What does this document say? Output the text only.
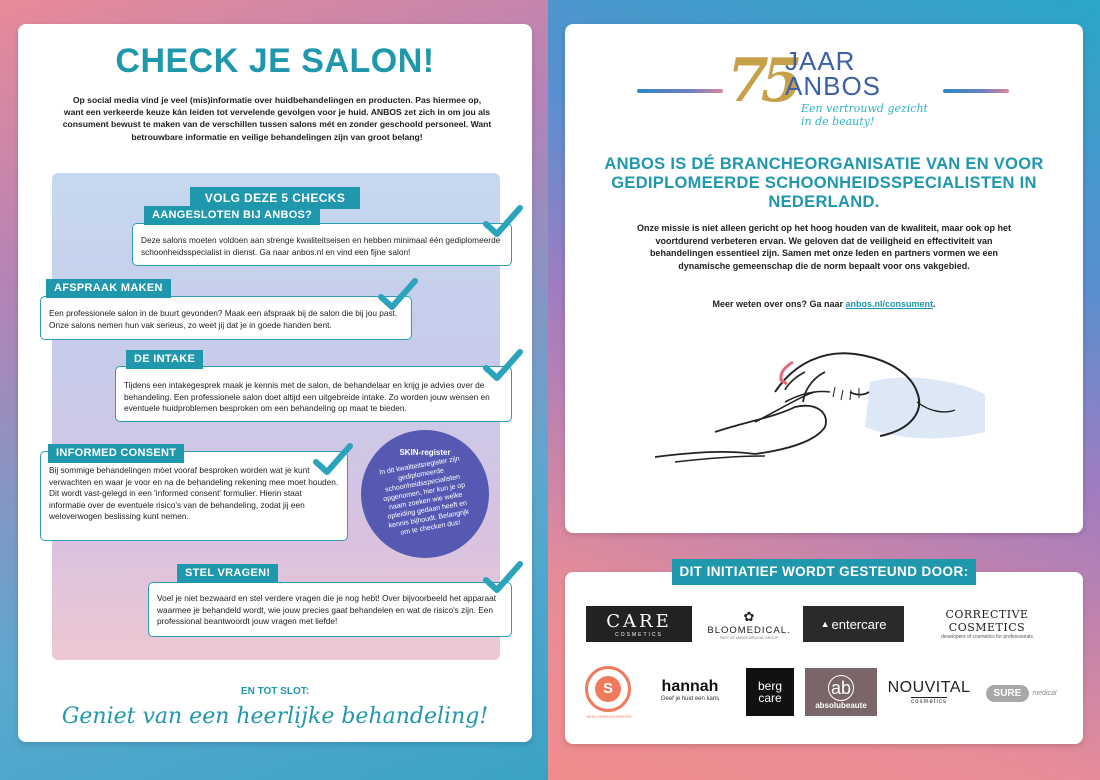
CHECK JE SALON!
Op social media vind je veel (mis)informatie over huidbehandelingen en producten. Pas hiermee op, want een verkeerde keuze kán leiden tot vervelende gevolgen voor je huid. ANBOS zet zich in om jou als consument bewust te maken van de verschillen tussen salons mét en zonder geschoold personeel. Want betrouwbare informatie en veilige behandelingen zijn van groot belang!
VOLG DEZE 5 CHECKS
Deze salons moeten voldoen aan strenge kwaliteitseisen en hebben minimaal één gediplomeerde schoonheidsspecialist in dienst. Ga naar anbos.nl en vind een fijne salon!
AANGESLOTEN BIJ ANBOS?
Een professionele salon in de buurt gevonden? Maak een afspraak bij de salon die bij jou past. Onze salons nemen hun vak serieus, zo weet jij dat je in goede handen bent.
AFSPRAAK MAKEN
Tijdens een intakegesprek maak je kennis met de salon, de behandelaar en krijg je advies over de behandeling. Een professionele salon doet altijd een uitgebreide intake. Zo worden jouw wensen en eventuele huidproblemen besproken om een behandeling op maat te bieden.
DE INTAKE
Bij sommige behandelingen mòet vooraf besproken worden wat je kunt verwachten en waar je voor en na de behandeling rekening mee moet houden. Dit wordt vast-gelegd in een 'informed consent' formulier. Hierin staat informatie over de eventuele risico's van de behandeling, zodat jij een weloverwogen beslissing kunt nemen.
INFORMED CONSENT
Voel je niet bezwaard en stel verdere vragen die je nog hebt! Over bijvoorbeeld het apparaat waarmee je behandeld wordt, wie jouw precies gaat behandelen en wat de risico's zijn. Een professional beantwoordt jouw vragen met liefde!
STEL VRAGEN!
EN TOT SLOT:
Geniet van een heerlijke behandeling!
SKIN-register
In dit kwaliteitsregister zijn gediplomeerde schoonheidsspecialisten opgenomen, hier kun je op naam zoeken wie welke opleiding gedaan heeft en kennis bijhoudt. Belangrijk om te checken dus!
75
JAAR
ANBOS
Een vertrouwd gezicht in de beauty!
ANBOS IS DÉ BRANCHEORGANISATIE VAN EN VOOR GEDIPLOMEERDE SCHOONHEIDSSPECIALISTEN IN NEDERLAND.
Onze missie is niet alleen gericht op het hoog houden van de kwaliteit, maar ook op het voortdurend verbeteren ervan. We geloven dat de veiligheid en effectiviteit van behandelingen essentieel zijn. Samen met onze leden en partners vormen we een dynamische gemeenschap die de norm bepaalt voor ons vakgebied.
Meer weten over ons? Ga naar anbos.nl/consument.
DIT INITIATIEF WORDT GESTEUND DOOR:
CARE
COSMETICS
✿
BLOOMEDICAL.
PART OF ANBOS MEDICAL GROUP
▲ entercare
CORRECTIVE COSMETICS
developers of cosmetics for professionals
S
SKIN GEREGISTREERD
hannah
Geef je huid een kans
berg
care
ab
absolubeaute
NOUVITAL
cosmetics
SURE	medical
